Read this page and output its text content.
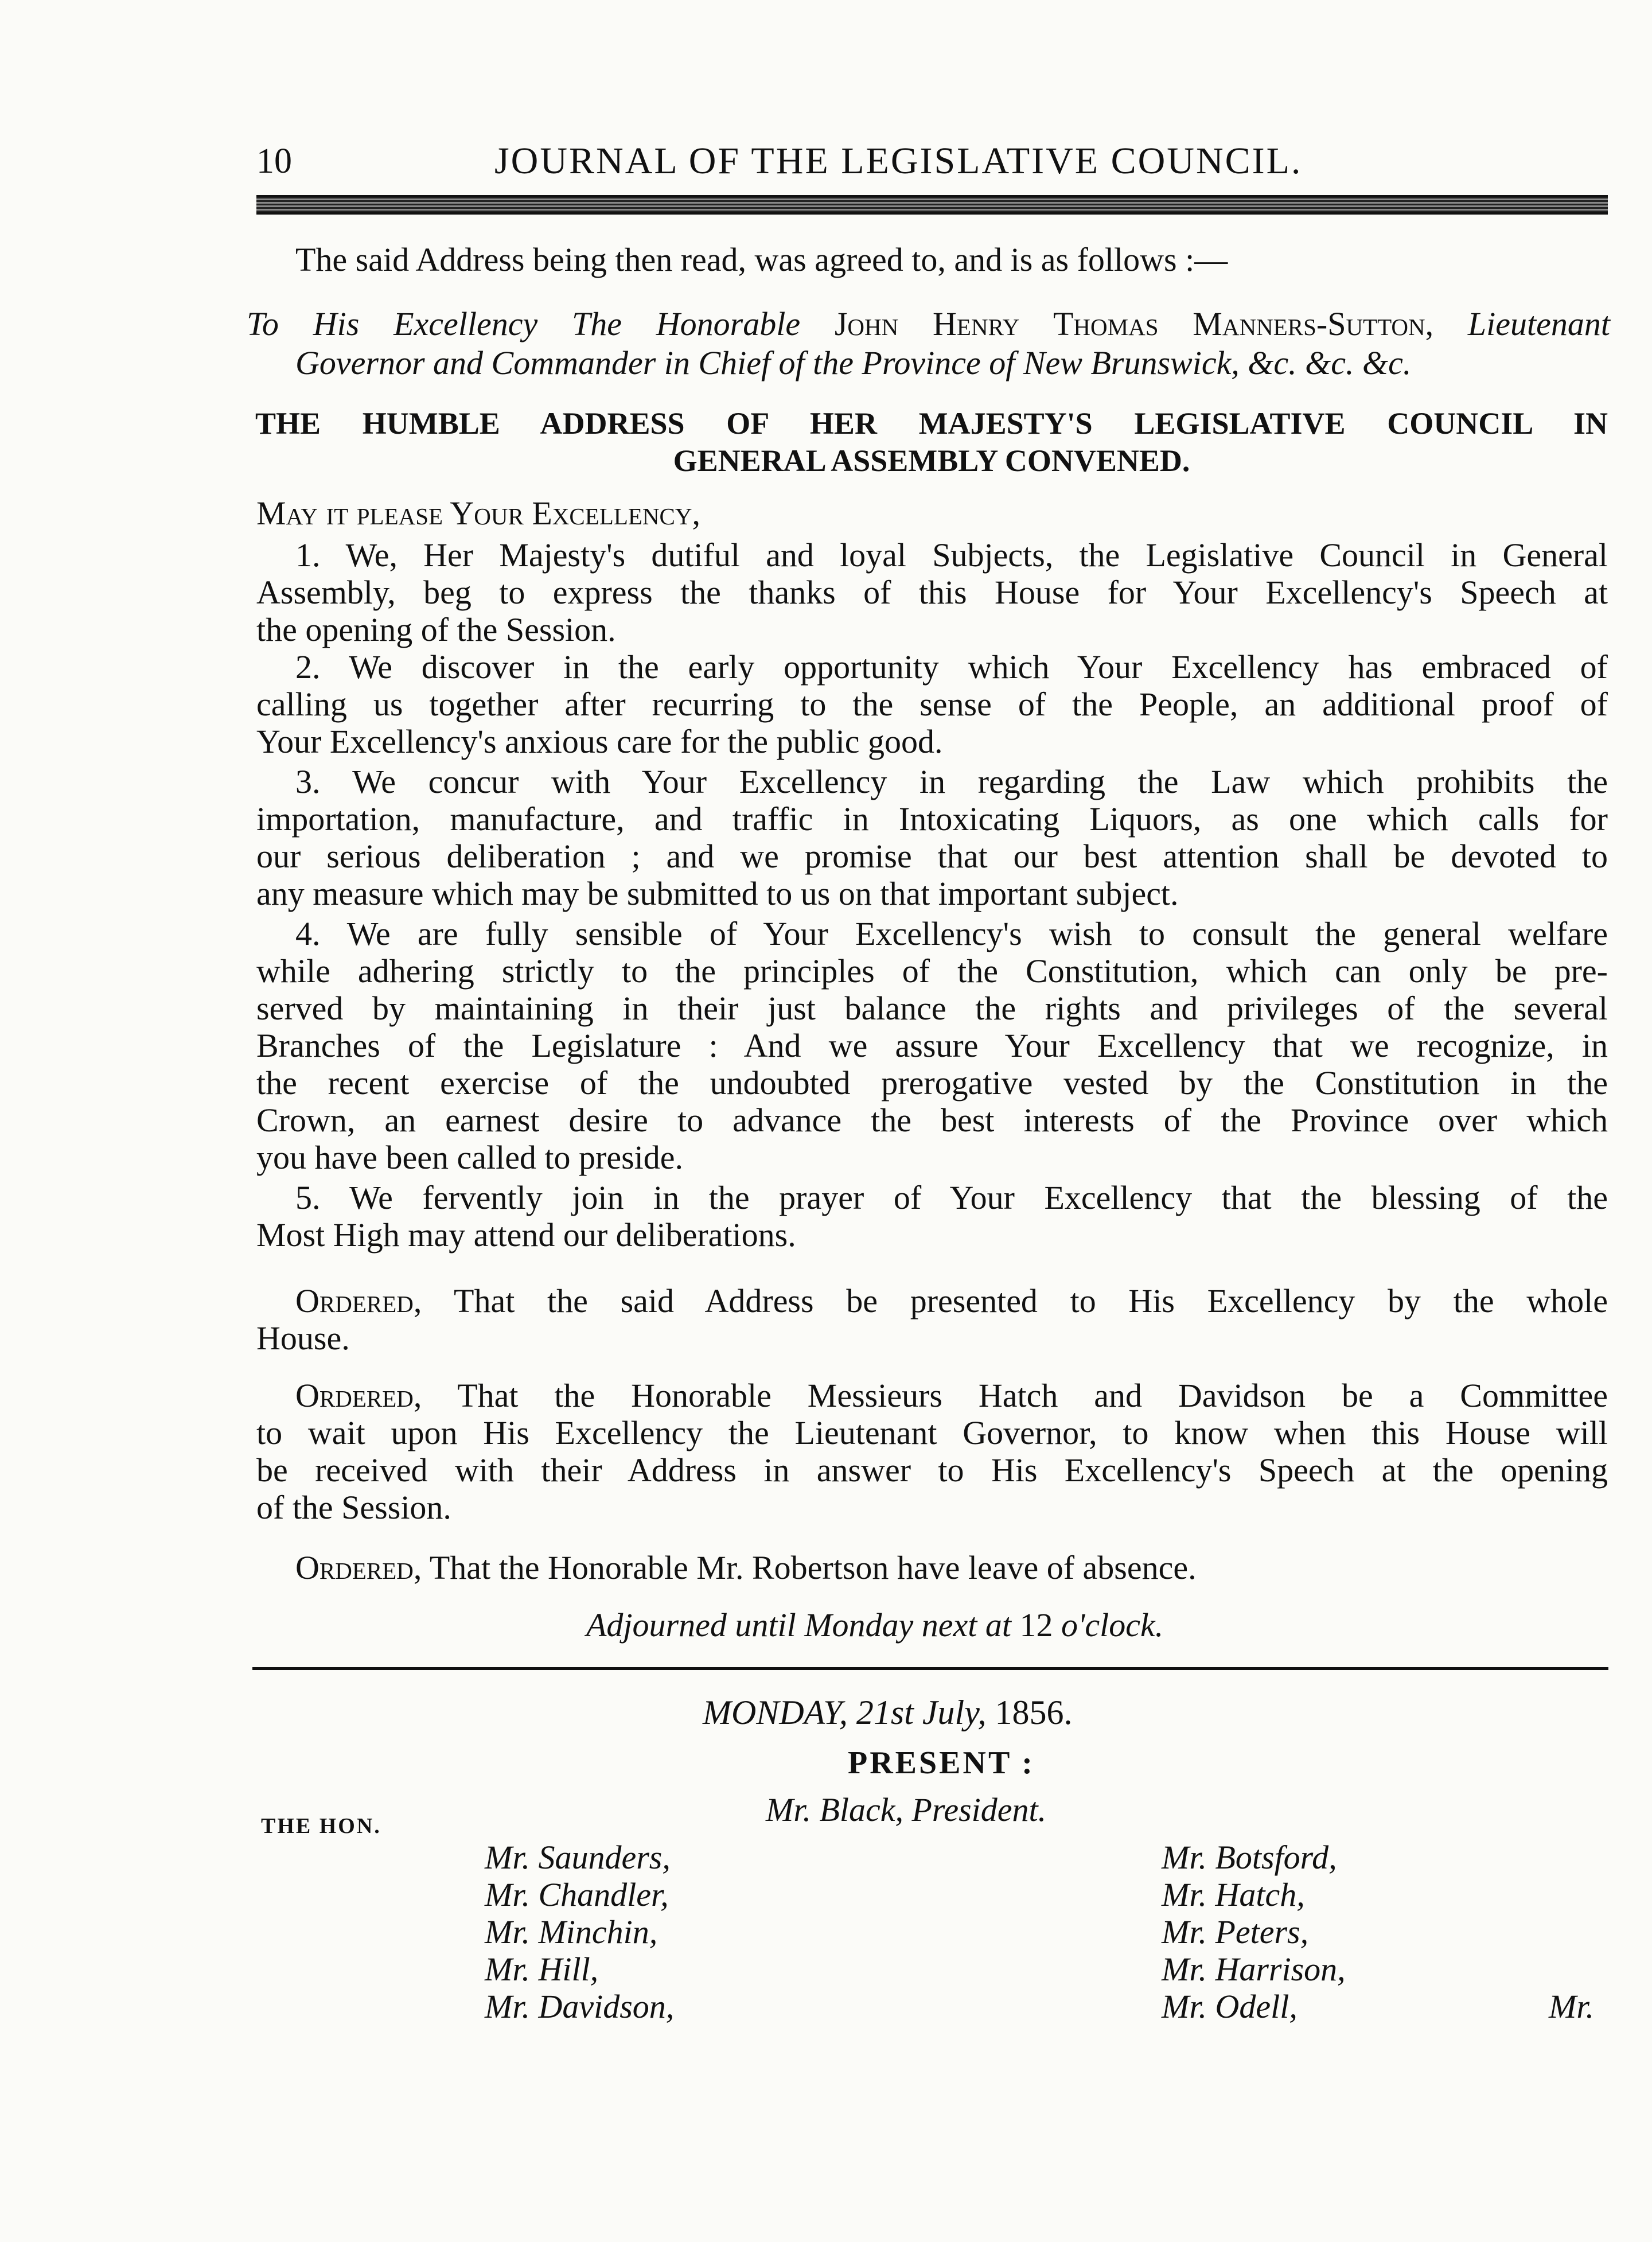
10	JOURNAL OF THE LEGISLATIVE COUNCIL.
The said Address being then read, was agreed to, and is as follows :—
To His Excellency The Honorable John Henry Thomas Manners-Sutton, Lieutenant
Governor and Commander in Chief of the Province of New Brunswick, &c. &c. &c.
THE HUMBLE ADDRESS OF HER MAJESTY'S LEGISLATIVE COUNCIL IN
GENERAL ASSEMBLY CONVENED.
May it please Your Excellency,
1. We, Her Majesty's dutiful and loyal Subjects, the Legislative Council in General
Assembly, beg to express the thanks of this House for Your Excellency's Speech at
the opening of the Session.
2. We discover in the early opportunity which Your Excellency has embraced of
calling us together after recurring to the sense of the People, an additional proof of
Your Excellency's anxious care for the public good.
3. We concur with Your Excellency in regarding the Law which prohibits the
importation, manufacture, and traffic in Intoxicating Liquors, as one which calls for
our serious deliberation ; and we promise that our best attention shall be devoted to
any measure which may be submitted to us on that important subject.
4. We are fully sensible of Your Excellency's wish to consult the general welfare
while adhering strictly to the principles of the Constitution, which can only be pre-
served by maintaining in their just balance the rights and privileges of the several
Branches of the Legislature : And we assure Your Excellency that we recognize, in
the recent exercise of the undoubted prerogative vested by the Constitution in the
Crown, an earnest desire to advance the best interests of the Province over which
you have been called to preside.
5. We fervently join in the prayer of Your Excellency that the blessing of the
Most High may attend our deliberations.
Ordered, That the said Address be presented to His Excellency by the whole
House.
Ordered, That the Honorable Messieurs Hatch and Davidson be a Committee
to wait upon His Excellency the Lieutenant Governor, to know when this House will
be received with their Address in answer to His Excellency's Speech at the opening
of the Session.
Ordered, That the Honorable Mr. Robertson have leave of absence.
Adjourned until Monday next at 12 o'clock.
MONDAY, 21st July, 1856.
PRESENT :
THE HON.	Mr. Black, President.
Mr. Saunders,
Mr. Chandler,
Mr. Minchin,
Mr. Hill,
Mr. Davidson,
Mr. Botsford,
Mr. Hatch,
Mr. Peters,
Mr. Harrison,
Mr. Odell,	Mr.
